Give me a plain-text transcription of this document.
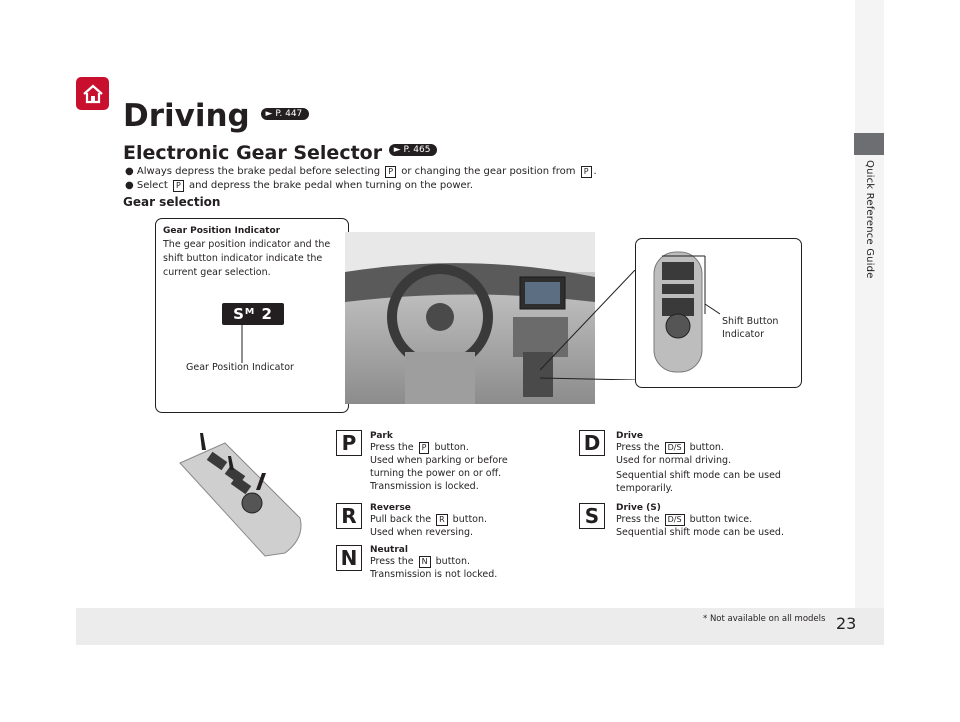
Quick Reference Guide
Driving ► P. 447
Electronic Gear Selector ► P. 465
● Always depress the brake pedal before selecting P or changing the gear position from P .
● Select P and depress the brake pedal when turning on the power.
Gear selection
Gear Position Indicator
The gear position indicator and the shift button indicator indicate the current gear selection.
Sᴹ 2
Gear Position Indicator
Shift Button
Indicator
P	Park
Press the P button.
Used when parking or before
turning the power on or off.
Transmission is locked.
R	Reverse
Pull back the R button.
Used when reversing.
N	Neutral
Press the N button.
Transmission is not locked.
D	Drive
Press the D/S button.
Used for normal driving.
Sequential shift mode can be used
temporarily.
S	Drive (S)
Press the D/S button twice.
Sequential shift mode can be used.
* Not available on all models 23
